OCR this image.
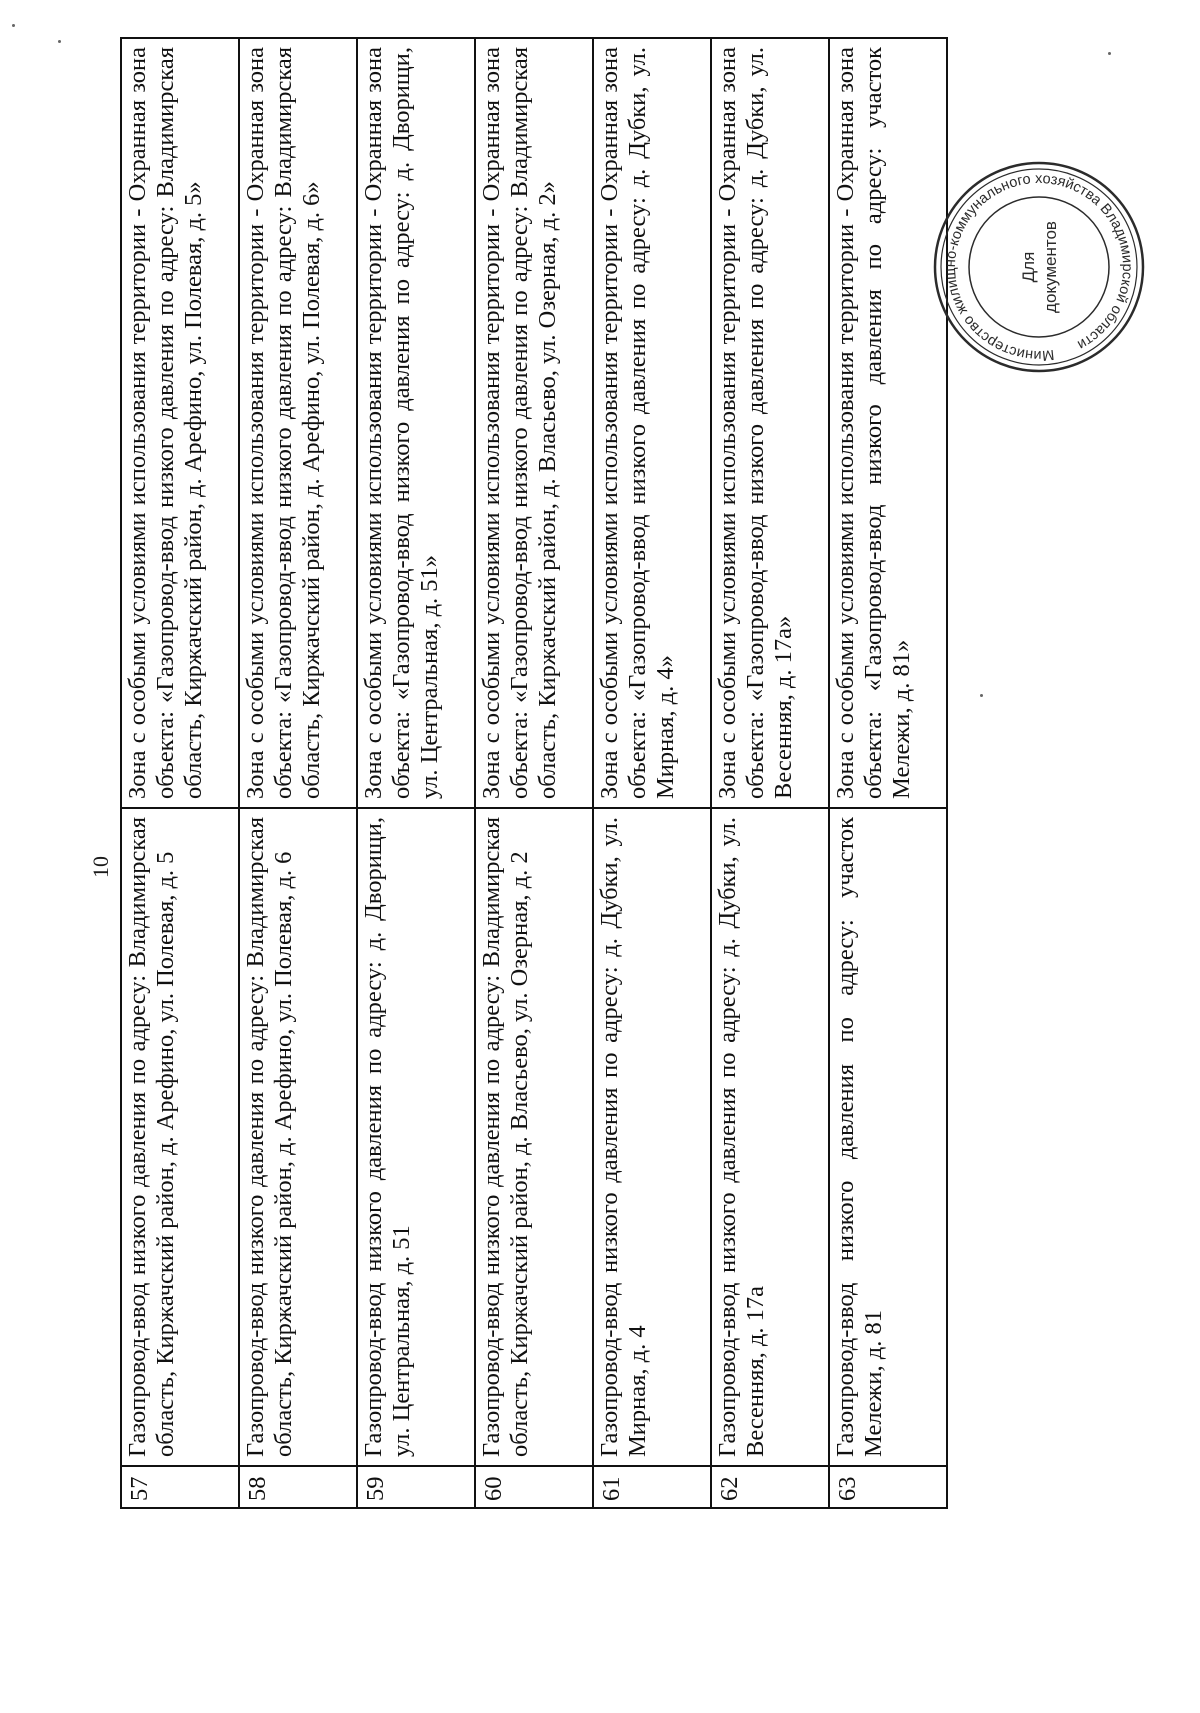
10
57	Газопровод-ввод низкого давления по адресу: Владимирская область, Киржачский район, д. Арефино, ул. Полевая, д. 5	Зона с особыми условиями использования территории - Охранная зона объекта: «Газопровод-ввод низкого давления по адресу: Владимирская область, Киржачский район, д. Арефино, ул. Полевая, д. 5»
58	Газопровод-ввод низкого давления по адресу: Владимирская область, Киржачский район, д. Арефино, ул. Полевая, д. 6	Зона с особыми условиями использования территории - Охранная зона объекта: «Газопровод-ввод низкого давления по адресу: Владимирская область, Киржачский район, д. Арефино, ул. Полевая, д. 6»
59	Газопровод-ввод низкого давления по адресу: д. Дворищи, ул. Центральная, д. 51	Зона с особыми условиями использования территории - Охранная зона объекта: «Газопровод-ввод низкого давления по адресу: д. Дворищи, ул. Центральная, д. 51»
60	Газопровод-ввод низкого давления по адресу: Владимирская область, Киржачский район, д. Власьево, ул. Озерная, д. 2	Зона с особыми условиями использования территории - Охранная зона объекта: «Газопровод-ввод низкого давления по адресу: Владимирская область, Киржачский район, д. Власьево, ул. Озерная, д. 2»
61	Газопровод-ввод низкого давления по адресу: д. Дубки, ул. Мирная, д. 4	Зона с особыми условиями использования территории - Охранная зона объекта: «Газопровод-ввод низкого давления по адресу: д. Дубки, ул. Мирная, д. 4»
62	Газопровод-ввод низкого давления по адресу: д. Дубки, ул. Весенняя, д. 17а	Зона с особыми условиями использования территории - Охранная зона объекта: «Газопровод-ввод низкого давления по адресу: д. Дубки, ул. Весенняя, д. 17а»
63	Газопровод-ввод низкого давления по адресу: участок Мележи, д. 81	Зона с особыми условиями использования территории - Охранная зона объекта: «Газопровод-ввод низкого давления по адресу: участок Мележи, д. 81»
Министерство жилищно-коммунального хозяйства Владимирской области
Для документов
